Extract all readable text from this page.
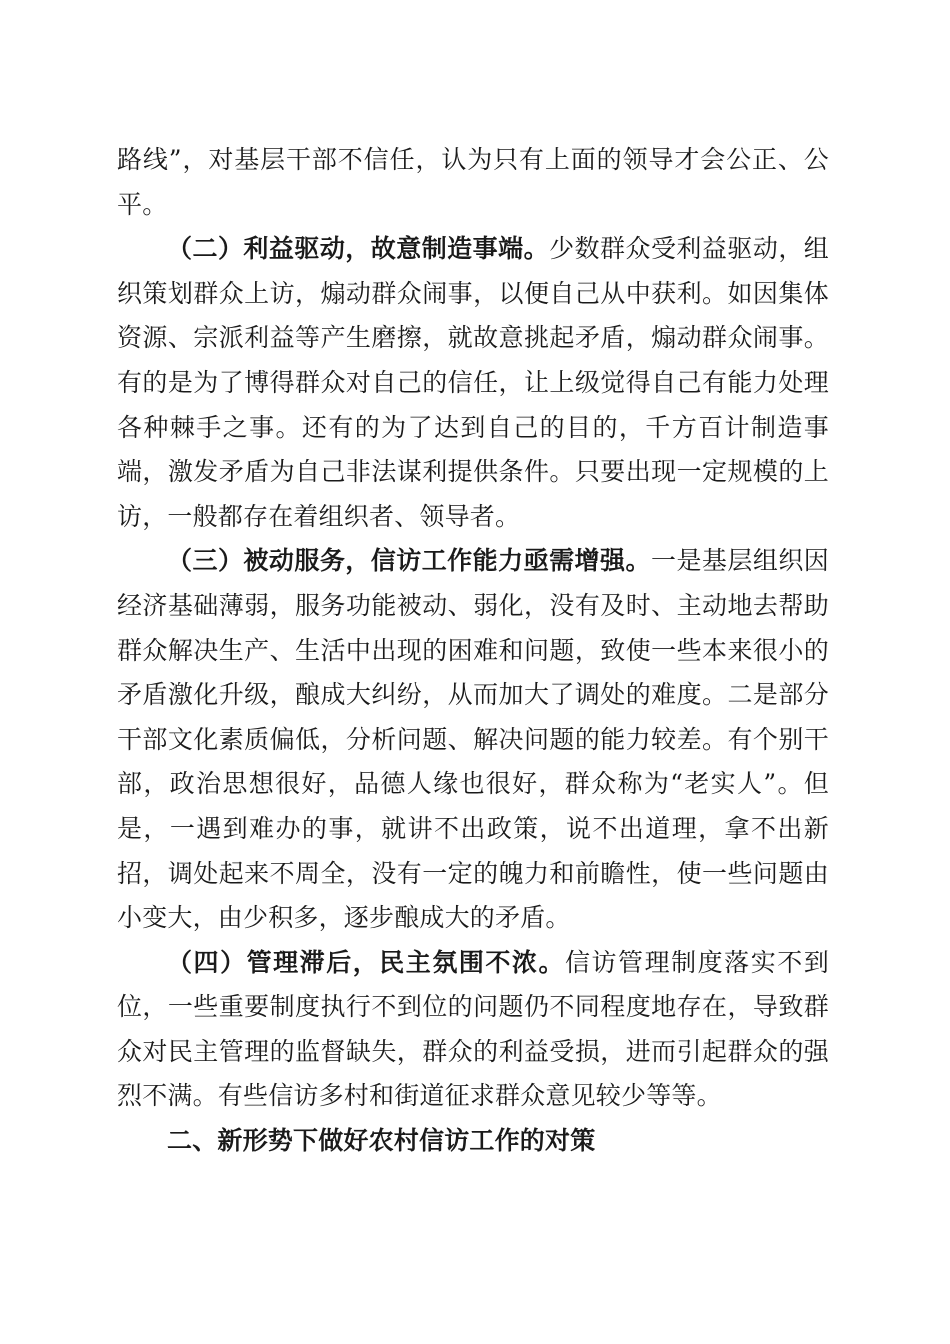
路线”，对基层干部不信任，认为只有上面的领导才会公正、公平。

（二）利益驱动，故意制造事端。少数群众受利益驱动，组织策划群众上访，煽动群众闹事，以便自己从中获利。如因集体资源、宗派利益等产生磨擦，就故意挑起矛盾，煽动群众闹事。有的是为了博得群众对自己的信任，让上级觉得自己有能力处理各种棘手之事。还有的为了达到自己的目的，千方百计制造事端，激发矛盾为自己非法谋利提供条件。只要出现一定规模的上访，一般都存在着组织者、领导者。

（三）被动服务，信访工作能力亟需增强。一是基层组织因经济基础薄弱，服务功能被动、弱化，没有及时、主动地去帮助群众解决生产、生活中出现的困难和问题，致使一些本来很小的矛盾激化升级，酿成大纠纷，从而加大了调处的难度。二是部分干部文化素质偏低，分析问题、解决问题的能力较差。有个别干部，政治思想很好，品德人缘也很好，群众称为“老实人”。但是，一遇到难办的事，就讲不出政策，说不出道理，拿不出新招，调处起来不周全，没有一定的魄力和前瞻性，使一些问题由小变大，由少积多，逐步酿成大的矛盾。

（四）管理滞后，民主氛围不浓。信访管理制度落实不到位，一些重要制度执行不到位的问题仍不同程度地存在，导致群众对民主管理的监督缺失，群众的利益受损，进而引起群众的强烈不满。有些信访多村和街道征求群众意见较少等等。

二、新形势下做好农村信访工作的对策
